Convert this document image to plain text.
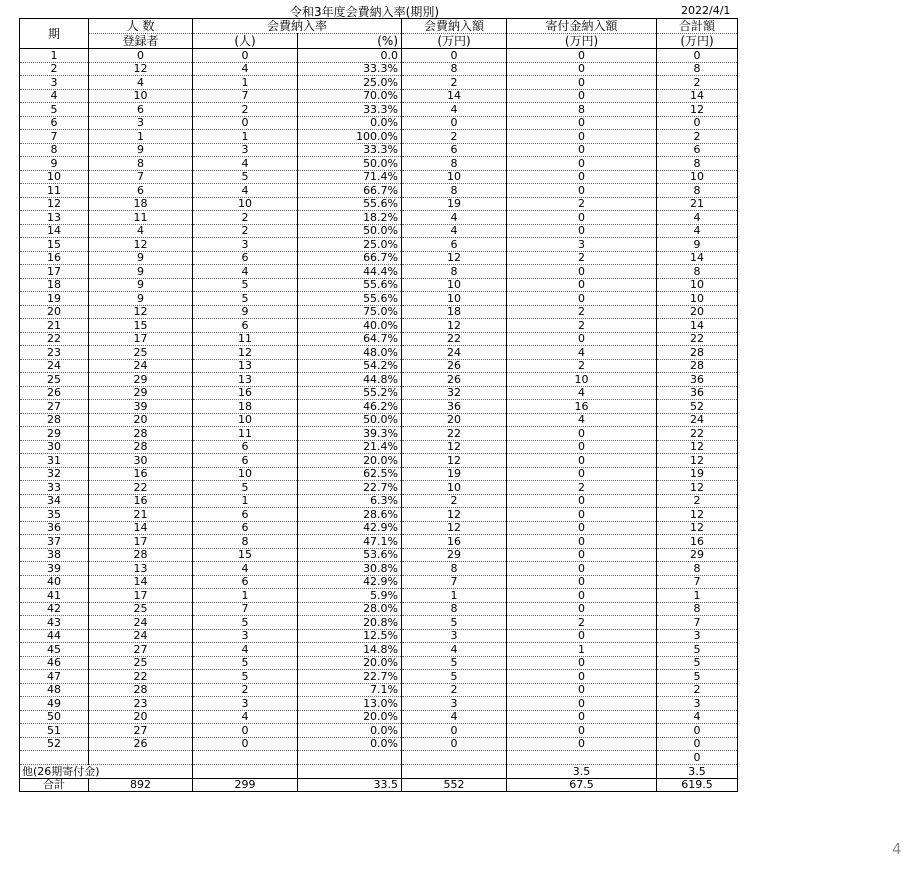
令和3年度会費納入率(期別)	2022/4/1
期	人 数	会費納入率		会費納入額	寄付金納入額	合計額
	登録者	(人)	(%)	(万円)	(万円)	(万円)
1	0	0	0.0	0	0	0
2	12	4	33.3%	8	0	8
3	4	1	25.0%	2	0	2
4	10	7	70.0%	14	0	14
5	6	2	33.3%	4	8	12
6	3	0	0.0%	0	0	0
7	1	1	100.0%	2	0	2
8	9	3	33.3%	6	0	6
9	8	4	50.0%	8	0	8
10	7	5	71.4%	10	0	10
11	6	4	66.7%	8	0	8
12	18	10	55.6%	19	2	21
13	11	2	18.2%	4	0	4
14	4	2	50.0%	4	0	4
15	12	3	25.0%	6	3	9
16	9	6	66.7%	12	2	14
17	9	4	44.4%	8	0	8
18	9	5	55.6%	10	0	10
19	9	5	55.6%	10	0	10
20	12	9	75.0%	18	2	20
21	15	6	40.0%	12	2	14
22	17	11	64.7%	22	0	22
23	25	12	48.0%	24	4	28
24	24	13	54.2%	26	2	28
25	29	13	44.8%	26	10	36
26	29	16	55.2%	32	4	36
27	39	18	46.2%	36	16	52
28	20	10	50.0%	20	4	24
29	28	11	39.3%	22	0	22
30	28	6	21.4%	12	0	12
31	30	6	20.0%	12	0	12
32	16	10	62.5%	19	0	19
33	22	5	22.7%	10	2	12
34	16	1	6.3%	2	0	2
35	21	6	28.6%	12	0	12
36	14	6	42.9%	12	0	12
37	17	8	47.1%	16	0	16
38	28	15	53.6%	29	0	29
39	13	4	30.8%	8	0	8
40	14	6	42.9%	7	0	7
41	17	1	5.9%	1	0	1
42	25	7	28.0%	8	0	8
43	24	5	20.8%	5	2	7
44	24	3	12.5%	3	0	3
45	27	4	14.8%	4	1	5
46	25	5	20.0%	5	0	5
47	22	5	22.7%	5	0	5
48	28	2	7.1%	2	0	2
49	23	3	13.0%	3	0	3
50	20	4	20.0%	4	0	4
51	27	0	0.0%	0	0	0
52	26	0	0.0%	0	0	0
						0
他(26期寄付金)					3.5	3.5
合計	892	299	33.5	552	67.5	619.5
4
